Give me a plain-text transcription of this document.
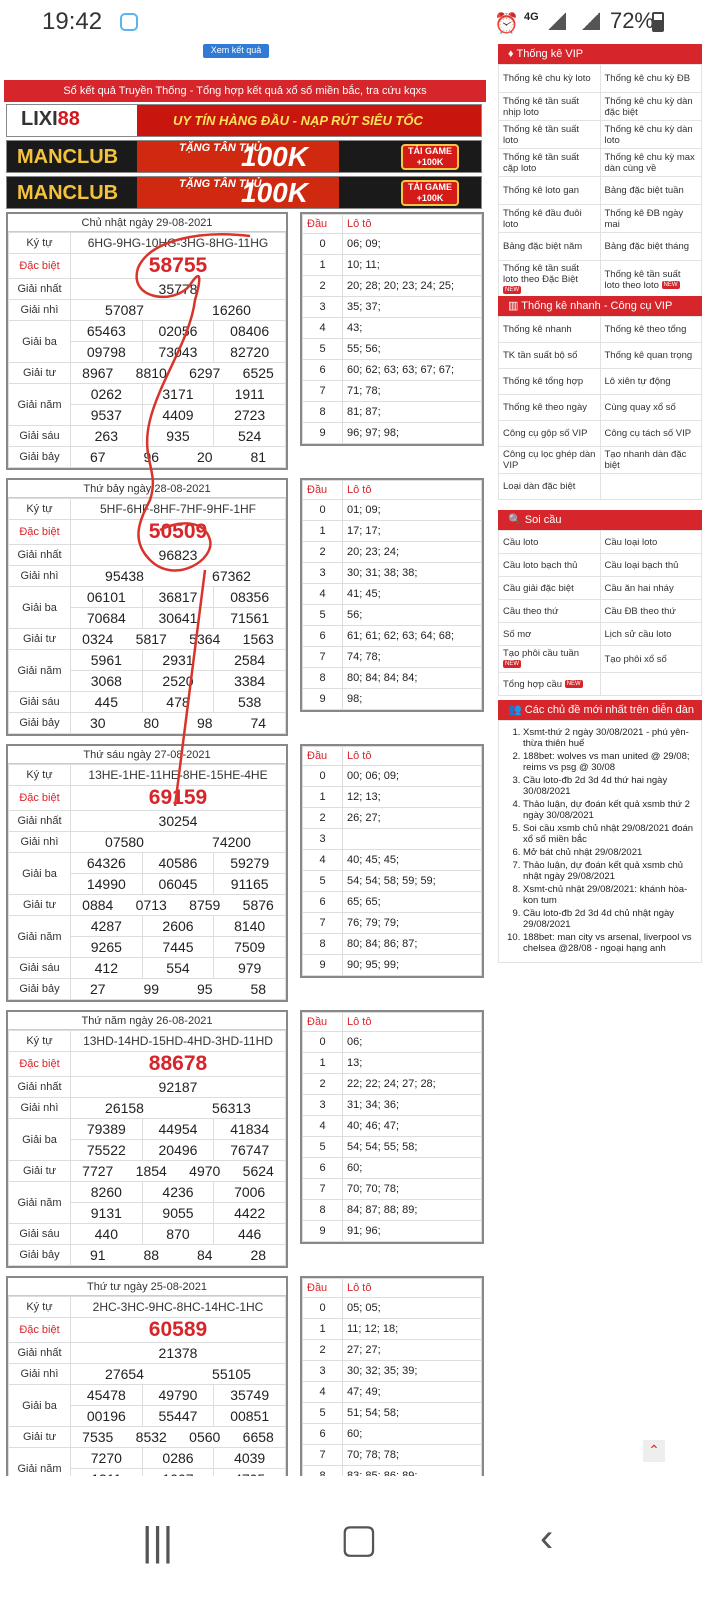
19:42	⏰ 4G	72%
Xem kết quả
Sổ kết quả Truyền Thống - Tổng hợp kết quả xổ số miền bắc, tra cứu kqxs
LIXI88	UY TÍN HÀNG ĐẦU - NẠP RÚT SIÊU TỐC
MANCLUB	TẶNG TÂN THỦ
100K	TẢI GAME +100K
MANCLUB	TẶNG TÂN THỦ
100K	TẢI GAME +100K
Chủ nhật ngày 29-08-2021
Ký tự	6HG-9HG-10HG-3HG-8HG-11HG		
Đặc biệt	58755		
Giải nhất	35778		
Giải nhì	57087 16260		
Giải ba	65463	02056	08406
	09798	73043	82720
Giải tư	8967 8810 6297 6525		
Giải năm	0262	3171	1911
	9537	4409	2723
Giải sáu	263	935	524
Giải bảy	67 96 20 81		
Đầu	Lô tô
0	06; 09;
1	10; 11;
2	20; 28; 20; 23; 24; 25;
3	35; 37;
4	43;
5	55; 56;
6	60; 62; 63; 63; 67; 67;
7	71; 78;
8	81; 87;
9	96; 97; 98;
Thứ bảy ngày 28-08-2021
Ký tự	5HF-6HF-8HF-7HF-9HF-1HF		
Đặc biệt	50509		
Giải nhất	96823		
Giải nhì	95438 67362		
Giải ba	06101	36817	08356
	70684	30641	71561
Giải tư	0324 5817 5364 1563		
Giải năm	5961	2931	2584
	3068	2520	3384
Giải sáu	445	478	538
Giải bảy	30 80 98 74		
Đầu	Lô tô
0	01; 09;
1	17; 17;
2	20; 23; 24;
3	30; 31; 38; 38;
4	41; 45;
5	56;
6	61; 61; 62; 63; 64; 68;
7	74; 78;
8	80; 84; 84; 84;
9	98;
Thứ sáu ngày 27-08-2021
Ký tự	13HE-1HE-11HE-8HE-15HE-4HE		
Đặc biệt	69159		
Giải nhất	30254		
Giải nhì	07580 74200		
Giải ba	64326	40586	59279
	14990	06045	91165
Giải tư	0884 0713 8759 5876		
Giải năm	4287	2606	8140
	9265	7445	7509
Giải sáu	412	554	979
Giải bảy	27 99 95 58		
Đầu	Lô tô
0	00; 06; 09;
1	12; 13;
2	26; 27;
3	
4	40; 45; 45;
5	54; 54; 58; 59; 59;
6	65; 65;
7	76; 79; 79;
8	80; 84; 86; 87;
9	90; 95; 99;
Thứ năm ngày 26-08-2021
Ký tự	13HD-14HD-15HD-4HD-3HD-11HD		
Đặc biệt	88678		
Giải nhất	92187		
Giải nhì	26158 56313		
Giải ba	79389	44954	41834
	75522	20496	76747
Giải tư	7727 1854 4970 5624		
Giải năm	8260	4236	7006
	9131	9055	4422
Giải sáu	440	870	446
Giải bảy	91 88 84 28		
Đầu	Lô tô
0	06;
1	13;
2	22; 22; 24; 27; 28;
3	31; 34; 36;
4	40; 46; 47;
5	54; 54; 55; 58;
6	60;
7	70; 70; 78;
8	84; 87; 88; 89;
9	91; 96;
Thứ tư ngày 25-08-2021
Ký tự	2HC-3HC-9HC-8HC-14HC-1HC		
Đặc biệt	60589		
Giải nhất	21378		
Giải nhì	27654 55105		
Giải ba	45478	49790	35749
	00196	55447	00851
Giải tư	7535 8532 0560 6658		
Giải năm	7270	0286	4039

Đầu	Lô tô
0	05; 05;
1	11; 12; 18;
2	27; 27;
3	30; 32; 35; 39;
4	47; 49;
5	51; 54; 58;
6	60;
7	70; 78; 78;

♦ Thống kê VIP
Thống kê chu kỳ loto	Thống kê chu kỳ ĐB
Thống kê tần suất nhịp loto	Thống kê chu kỳ dàn đặc biệt
Thống kê tần suất loto	Thống kê chu kỳ dàn loto
Thống kê tần suất cặp loto	Thống kê chu kỳ max dàn cùng về
Thống kê loto gan	Bảng đặc biệt tuần
Thống kê đầu đuôi loto	Thống kê ĐB ngày mai
Bảng đặc biệt năm	Bảng đặc biệt tháng
Thống kê tần suất loto theo Đặc Biệt NEW	Thống kê tần suất loto theo loto NEW
▥ Thống kê nhanh - Công cụ VIP
Thống kê nhanh	Thống kê theo tổng
TK tần suất bộ số	Thống kê quan trọng
Thống kê tổng hợp	Lô xiên tự động
Thống kê theo ngày	Cùng quay xổ số
Công cụ gộp số VIP	Công cụ tách số VIP
Công cụ lọc ghép dàn VIP	Tạo nhanh dàn đặc biệt
Loại dàn đặc biệt	
🔍 Soi cầu
Cầu loto	Cầu loại loto
Cầu loto bạch thủ	Cầu loại bạch thủ
Cầu giải đặc biệt	Cầu ăn hai nháy
Cầu theo thứ	Cầu ĐB theo thứ
Số mơ	Lịch sử cầu loto
Tạo phôi cầu tuần NEW	Tạo phôi xổ số
Tổng hợp cầu NEW	
👥 Các chủ đề mới nhất trên diễn đàn
1. Xsmt-thứ 2 ngày 30/08/2021 - phú yên-thừa thiên huế
2. 188bet: wolves vs man united @ 29/08; reims vs psg @ 30/08
3. Cầu loto-đb 2d 3d 4d thứ hai ngày 30/08/2021
4. Thảo luận, dự đoán kết quả xsmb thứ 2 ngày 30/08/2021
5. Soi cầu xsmb chủ nhật 29/08/2021 đoán xổ số miền bắc
6. Mở bát chủ nhật 29/08/2021
7. Thảo luận, dự đoán kết quả xsmb chủ nhật ngày 29/08/2021
8. Xsmt-chủ nhật 29/08/2021: khánh hòa-kon tum
9. Cầu loto-đb 2d 3d 4d chủ nhật ngày 29/08/2021
10. 188bet: man city vs arsenal, liverpool vs chelsea @28/08 - ngoại hạng anh
⌃
|||	▢	‹
